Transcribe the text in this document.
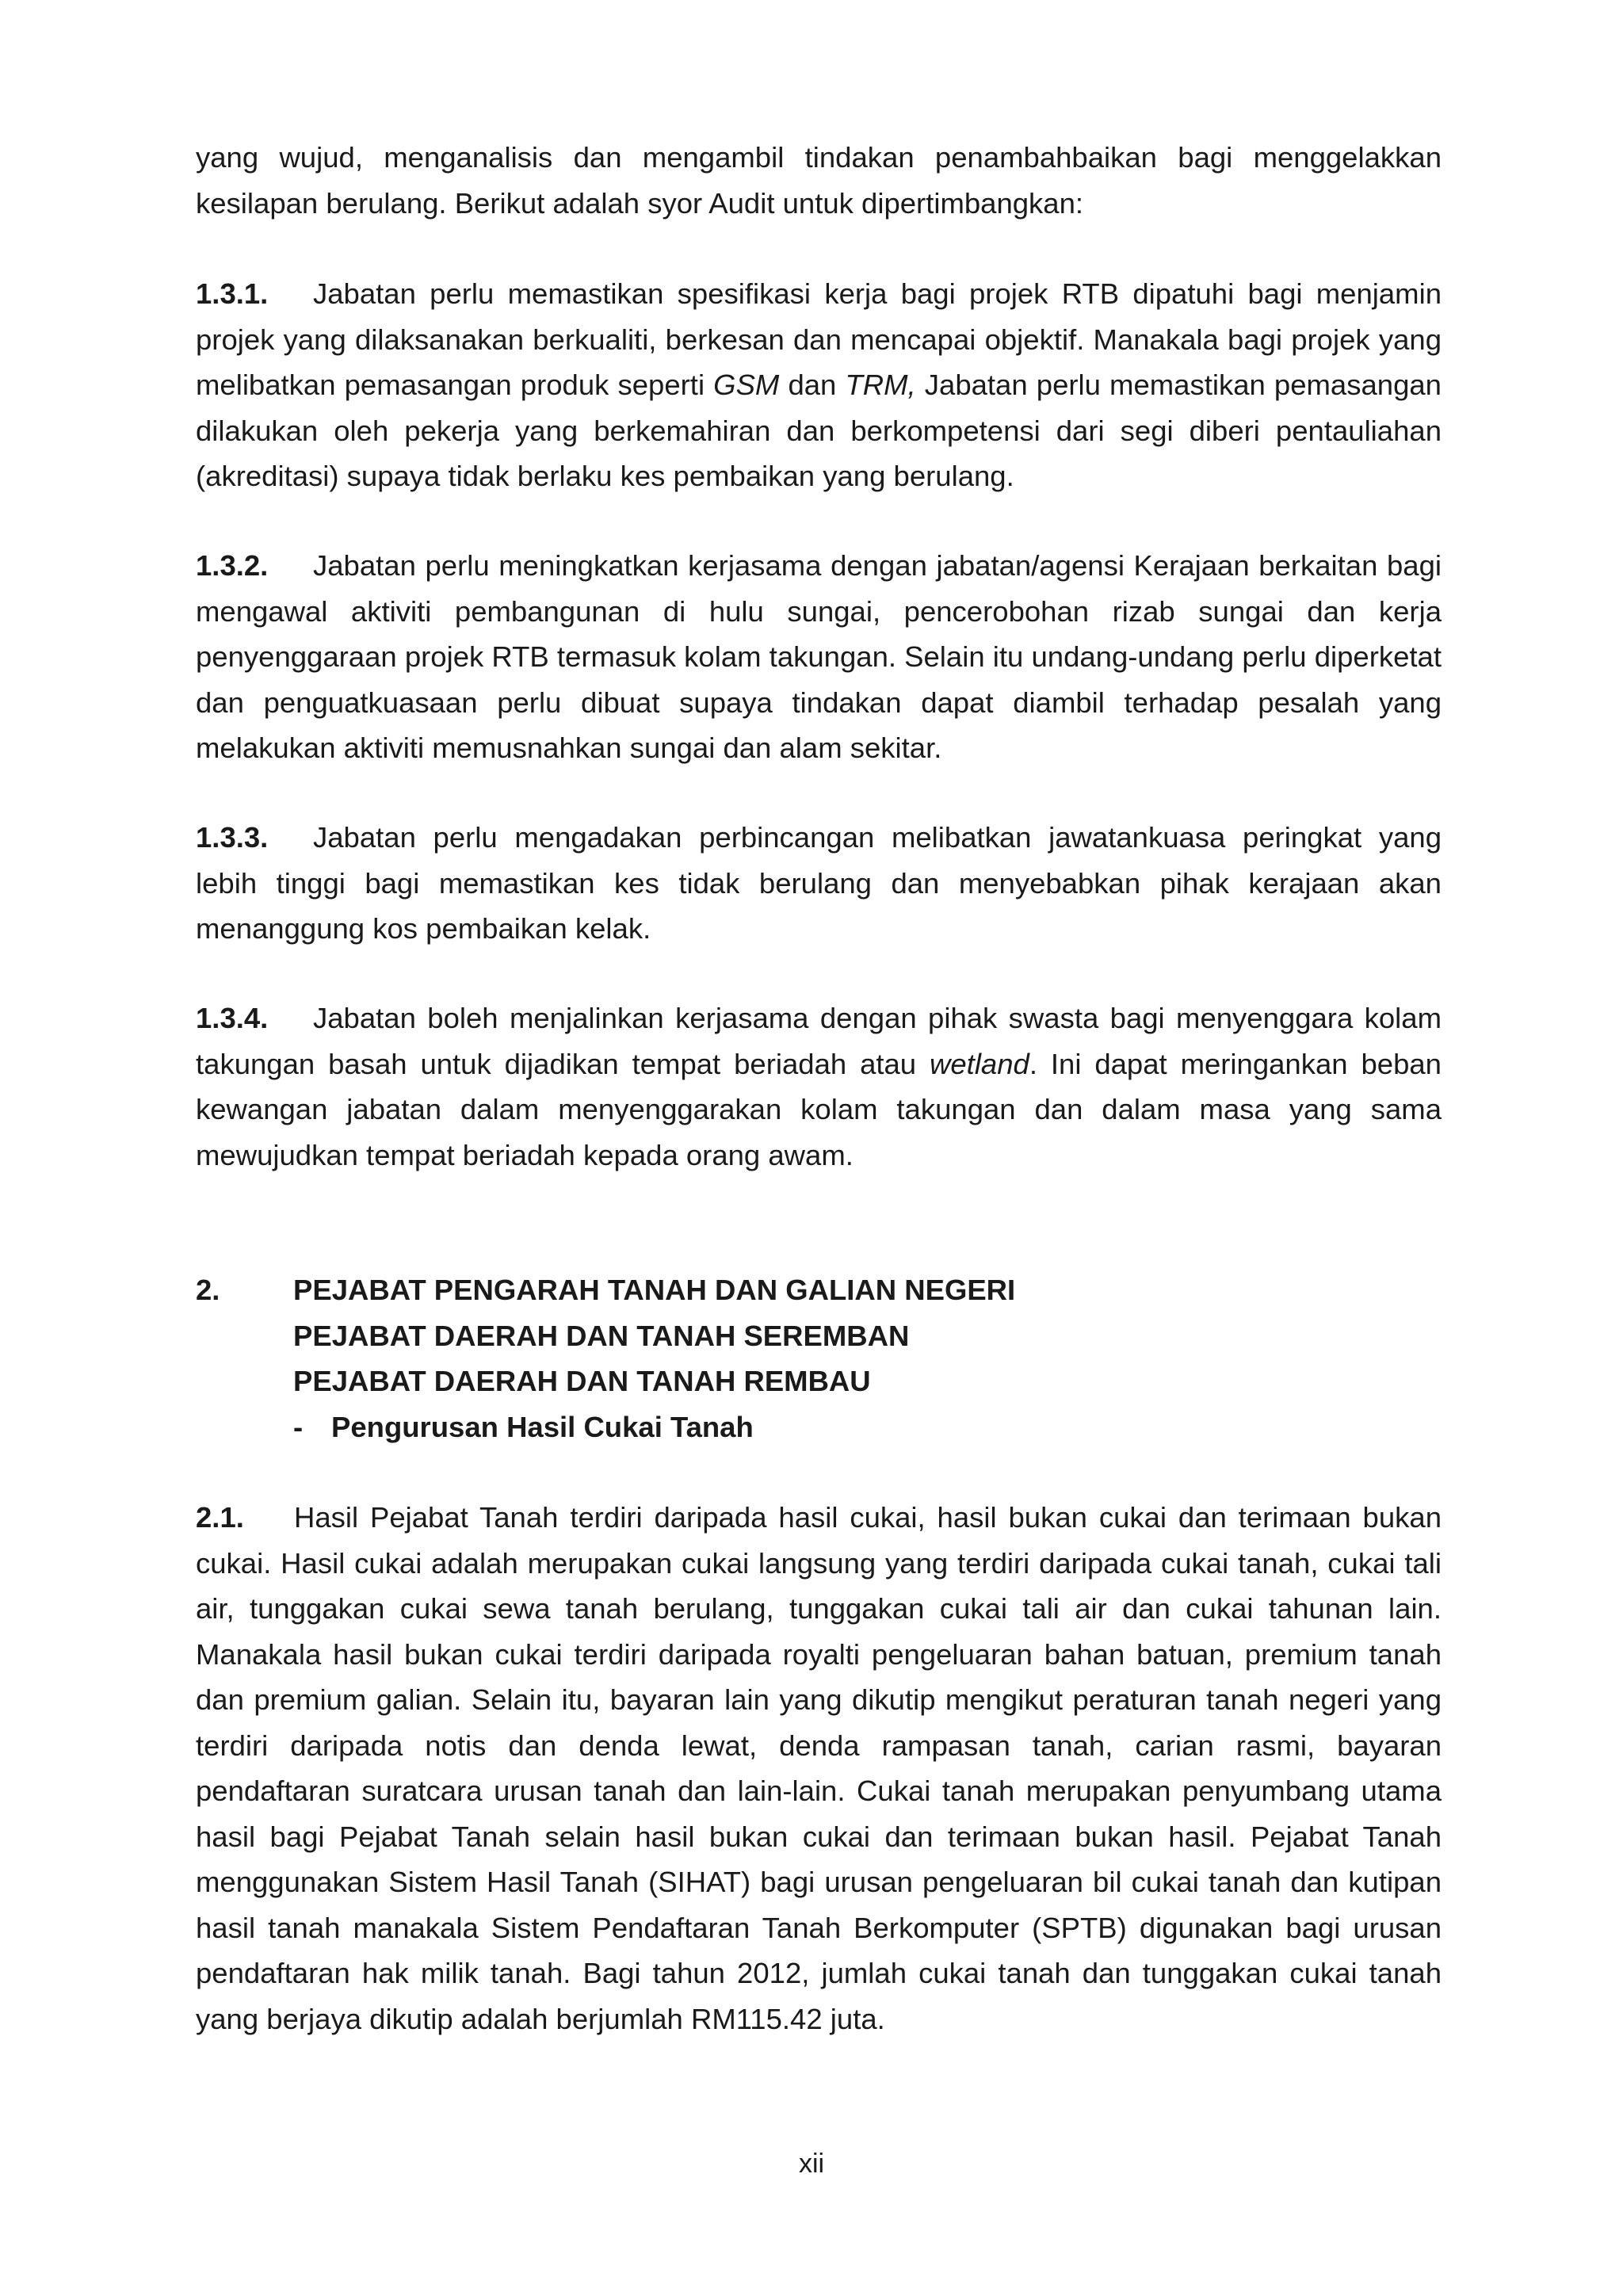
yang wujud, menganalisis dan mengambil tindakan penambahbaikan bagi menggelakkan kesilapan berulang. Berikut adalah syor Audit untuk dipertimbangkan:

1.3.1. Jabatan perlu memastikan spesifikasi kerja bagi projek RTB dipatuhi bagi menjamin projek yang dilaksanakan berkualiti, berkesan dan mencapai objektif. Manakala bagi projek yang melibatkan pemasangan produk seperti GSM dan TRM, Jabatan perlu memastikan pemasangan dilakukan oleh pekerja yang berkemahiran dan berkompetensi dari segi diberi pentauliahan (akreditasi) supaya tidak berlaku kes pembaikan yang berulang.

1.3.2. Jabatan perlu meningkatkan kerjasama dengan jabatan/agensi Kerajaan berkaitan bagi mengawal aktiviti pembangunan di hulu sungai, pencerobohan rizab sungai dan kerja penyenggaraan projek RTB termasuk kolam takungan. Selain itu undang-undang perlu diperketat dan penguatkuasaan perlu dibuat supaya tindakan dapat diambil terhadap pesalah yang melakukan aktiviti memusnahkan sungai dan alam sekitar.

1.3.3. Jabatan perlu mengadakan perbincangan melibatkan jawatankuasa peringkat yang lebih tinggi bagi memastikan kes tidak berulang dan menyebabkan pihak kerajaan akan menanggung kos pembaikan kelak.

1.3.4. Jabatan boleh menjalinkan kerjasama dengan pihak swasta bagi menyenggara kolam takungan basah untuk dijadikan tempat beriadah atau wetland. Ini dapat meringankan beban kewangan jabatan dalam menyenggarakan kolam takungan dan dalam masa yang sama mewujudkan tempat beriadah kepada orang awam.

2.	PEJABAT PENGARAH TANAH DAN GALIAN NEGERI
PEJABAT DAERAH DAN TANAH SEREMBAN
PEJABAT DAERAH DAN TANAH REMBAU
- Pengurusan Hasil Cukai Tanah

2.1. Hasil Pejabat Tanah terdiri daripada hasil cukai, hasil bukan cukai dan terimaan bukan cukai. Hasil cukai adalah merupakan cukai langsung yang terdiri daripada cukai tanah, cukai tali air, tunggakan cukai sewa tanah berulang, tunggakan cukai tali air dan cukai tahunan lain. Manakala hasil bukan cukai terdiri daripada royalti pengeluaran bahan batuan, premium tanah dan premium galian. Selain itu, bayaran lain yang dikutip mengikut peraturan tanah negeri yang terdiri daripada notis dan denda lewat, denda rampasan tanah, carian rasmi, bayaran pendaftaran suratcara urusan tanah dan lain-lain. Cukai tanah merupakan penyumbang utama hasil bagi Pejabat Tanah selain hasil bukan cukai dan terimaan bukan hasil. Pejabat Tanah menggunakan Sistem Hasil Tanah (SIHAT) bagi urusan pengeluaran bil cukai tanah dan kutipan hasil tanah manakala Sistem Pendaftaran Tanah Berkomputer (SPTB) digunakan bagi urusan pendaftaran hak milik tanah. Bagi tahun 2012, jumlah cukai tanah dan tunggakan cukai tanah yang berjaya dikutip adalah berjumlah RM115.42 juta.

xii
